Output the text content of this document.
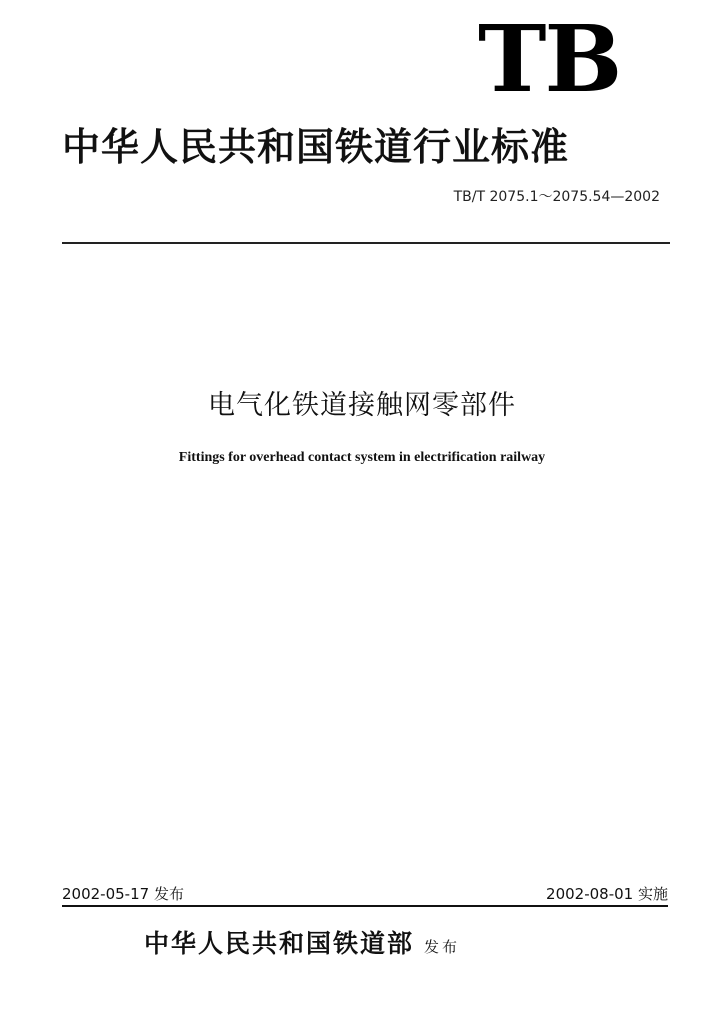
TB
中华人民共和国铁道行业标准
TB/T 2075.1～2075.54—2002
电气化铁道接触网零部件
Fittings for overhead contact system in electrification railway
2002-05-17 发布	2002-08-01 实施
中华人民共和国铁道部 发布
